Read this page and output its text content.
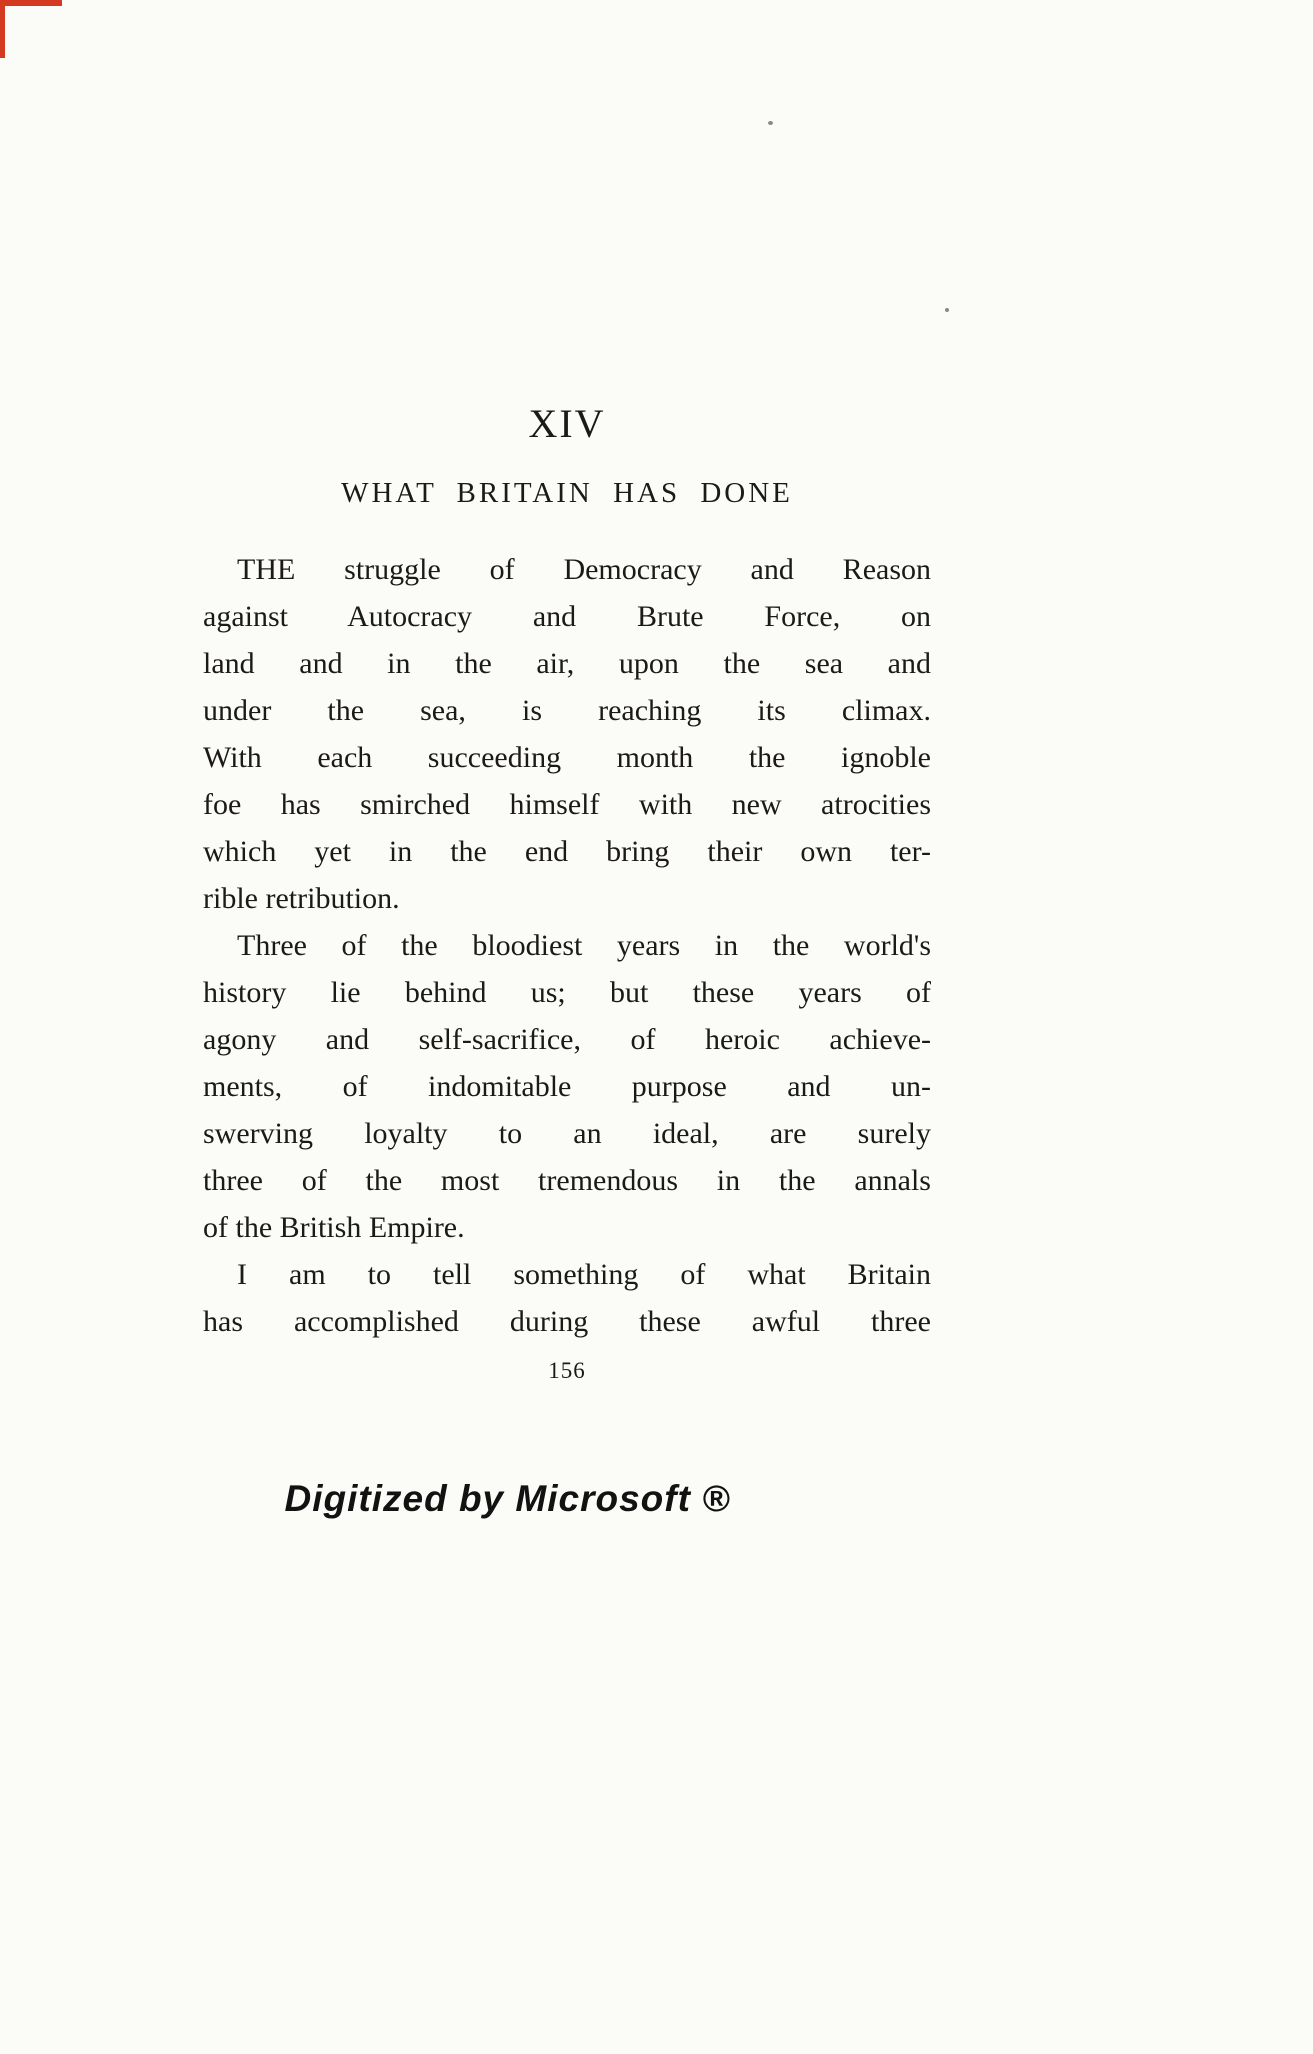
XIV
WHAT BRITAIN HAS DONE
THE struggle of Democracy and Reason
against Autocracy and Brute Force, on
land and in the air, upon the sea and
under the sea, is reaching its climax.
With each succeeding month the ignoble
foe has smirched himself with new atrocities
which yet in the end bring their own ter-
rible retribution.
Three of the bloodiest years in the world's
history lie behind us; but these years of
agony and self-sacrifice, of heroic achieve-
ments, of indomitable purpose and un-
swerving loyalty to an ideal, are surely
three of the most tremendous in the annals
of the British Empire.
I am to tell something of what Britain
has accomplished during these awful three
156
Digitized by Microsoft ®
